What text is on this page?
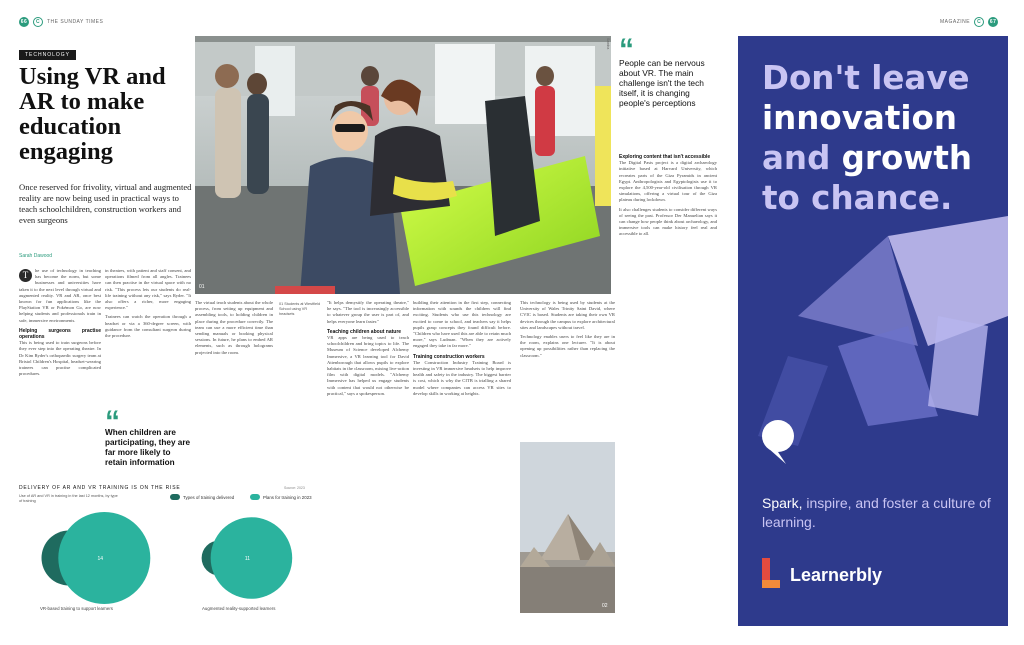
66	C	THE SUNDAY TIMES	MAGAZINE	C	67
TECHNOLOGY
Using VR and AR to make education engaging

Once reserved for frivolity, virtual and augmented reality are now being used in practical ways to teach schoolchildren, construction workers and even surgeons

Sarah Dawood
T	he use of technology in teaching has become the norm, but some businesses and universities have taken it to the next level through virtual and augmented reality. VR and AR, once best known for fun applications like the PlayStation VR or Pokémon Go, are now helping students and professionals train in safe, immersive environments.

Helping surgeons practise operations

This is being used to train surgeons before they ever step into the operating theatre. In Dr Kim Ryder's orthopaedic surgery team at Bristol Children's Hospital, headset-wearing trainees can practise complicated procedures.

in theatres, with patient and staff consent, and operations filmed from all angles. Trainees can then practise in the virtual space with no risk. "This process lets our students do real-life training without any risk," says Ryder. "It also offers a richer, more engaging experience."

Trainees can watch the operation through a headset or via a 360-degree screen, with guidance from the consultant surgeon during the procedure.

“
When children are participating, they are far more likely to retain information

The virtual teach students about the whole process, from setting up equipment and assembling tools, to holding children in place during the procedure correctly. The team can use a more efficient time than sending manuals or booking physical sessions. In future, he plans to embed AR elements, such as through holograms projected into the room.

01 Students at Westfield School using VR headsets

"It helps demystify the operating theatre," he says. "The tool is increasingly accessible to whatever group the user is part of, and helps everyone learn faster."

Teaching children about nature

VR apps are being used to teach schoolchildren and bring topics to life. The Museum of Science developed Alchemy Immersive, a VR learning tool for David Attenborough that allows pupils to explore habitats in the classroom, mixing live-action film with digital models. "Alchemy Immersive has helped us engage students with content that would not otherwise be practical," says a spokesperson.

building their attention in the first step, connecting information with sounds the children will find exciting. Students who use this technology are excited to come to school, and teachers say it helps pupils grasp concepts they found difficult before. "Children who have used this are able to retain much more," says Ludman. "When they are actively engaged they take in far more."

Training construction workers

The Construction Industry Training Board is investing in VR immersive headsets to help improve health and safety in the industry. The biggest barrier is cost, which is why the CITB is trialling a shared model where companies can access VR sites to develop skills in working at heights.

This technology is being used by students at the University of Wales Trinity Saint David, where CVIC is based. Students are taking their own VR devices through the campus to explore architectural sites and landscapes without travel.

Technology enables users to feel like they are in the room, explains one lecturer. "It is about opening up possibilities rather than replacing the classroom."

Exploring content that isn't accessible

The Digital Pasts project is a digital archaeology initiative based at Harvard University, which recreates parts of the Giza Pyramids in ancient Egypt. Anthropologists and Egyptologists use it to explore the 4,500-year-old civilisation through VR simulations, offering a virtual tour of the Giza plateau during lockdown.

It also challenges students to consider different ways of seeing the past. Professor Der Manuelian says it can change how people think about archaeology, and immersive tools can make history feel real and accessible to all.

01
Sandra “
People can be nervous about VR. The main challenge isn't the tech itself, it is changing people's perceptions
02
DELIVERY OF AR AND VR TRAINING IS ON THE RISE
Use of AR and VR in training in the last 12 months, by type of training
Source: 2023
Types of training delivered	Plans for training in 2023
14	11
VR-based training to support learners	Augmented reality-supported learners
Don't leave
innovation
and growth
to chance.
Spark, inspire, and foster a culture of learning.
Learnerbly
